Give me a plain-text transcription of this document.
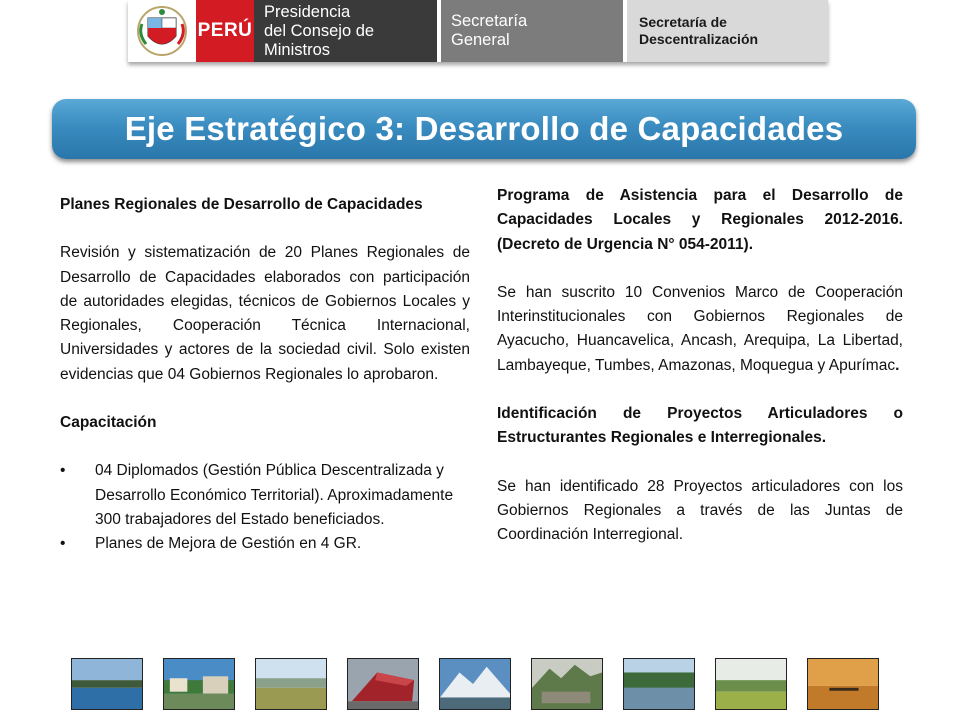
PERÚ
Presidencia
del Consejo de Ministros
Secretaría
General
Secretaría de
Descentralización
Eje Estratégico 3: Desarrollo de Capacidades

Planes Regionales de Desarrollo de Capacidades

Revisión y sistematización de 20 Planes Regionales de Desarrollo de Capacidades elaborados con participación de autoridades elegidas, técnicos de Gobiernos Locales y Regionales, Cooperación Técnica Internacional, Universidades y actores de la sociedad civil. Solo existen evidencias que 04 Gobiernos Regionales lo aprobaron.

Capacitación

• 04 Diplomados (Gestión Pública Descentralizada y Desarrollo Económico Territorial). Aproximadamente 300 trabajadores del Estado beneficiados.
• Planes de Mejora de Gestión en 4 GR.

Programa de Asistencia para el Desarrollo de Capacidades Locales y Regionales 2012-2016. (Decreto de Urgencia N° 054-2011).

Se han suscrito 10 Convenios Marco de Cooperación Interinstitucionales con Gobiernos Regionales de Ayacucho, Huancavelica, Ancash, Arequipa, La Libertad, Lambayeque, Tumbes, Amazonas, Moquegua y Apurímac.

Identificación de Proyectos Articuladores o Estructurantes Regionales e Interregionales.

Se han identificado 28 Proyectos articuladores con los Gobiernos Regionales a través de las Juntas de Coordinación Interregional.
